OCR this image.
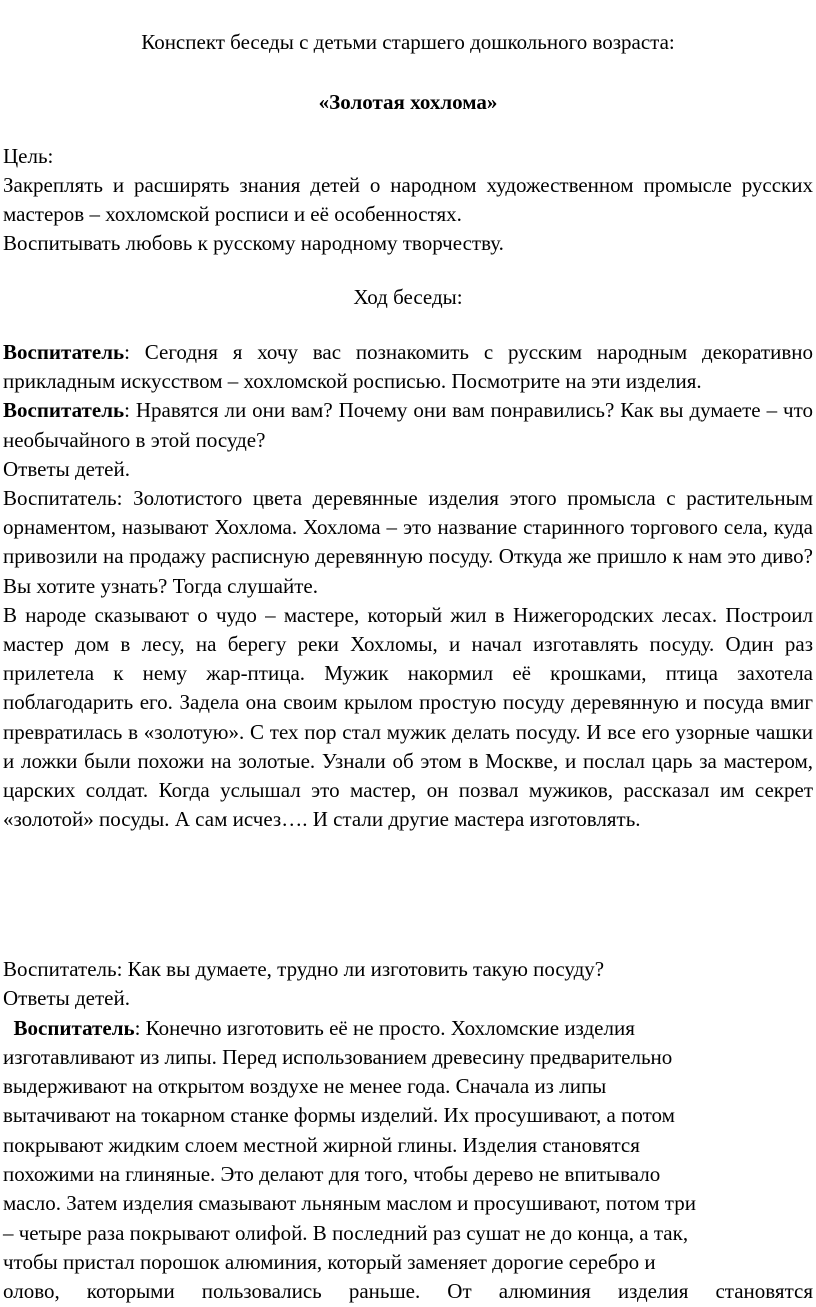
Конспект беседы с детьми старшего дошкольного возраста:
«Золотая хохлома»

Цель:

Закреплять и расширять знания детей о народном художественном промысле русских мастеров – хохломской росписи и её особенностях.

Воспитывать любовь к русскому народному творчеству.

Ход беседы:

Воспитатель: Сегодня я хочу вас познакомить с русским народным декоративно прикладным искусством – хохломской росписью. Посмотрите на эти изделия.

Воспитатель: Нравятся ли они вам? Почему они вам понравились? Как вы думаете – что необычайного в этой посуде?

Ответы детей.

Воспитатель: Золотистого цвета деревянные изделия этого промысла с растительным орнаментом, называют Хохлома. Хохлома – это название старинного торгового села, куда привозили на продажу расписную деревянную посуду. Откуда же пришло к нам это диво? Вы хотите узнать? Тогда слушайте.

В народе сказывают о чудо – мастере, который жил в Нижегородских лесах. Построил мастер дом в лесу, на берегу реки Хохломы, и начал изготавлять посуду. Один раз прилетела к нему жар-птица. Мужик накормил её крошками, птица захотела поблагодарить его. Задела она своим крылом простую посуду деревянную и посуда вмиг превратилась в «золотую». С тех пор стал мужик делать посуду. И все его узорные чашки и ложки были похожи на золотые. Узнали об этом в Москве, и послал царь за мастером, царских солдат. Когда услышал это мастер, он позвал мужиков, рассказал им секрет «золотой» посуды. А сам исчез…. И стали другие мастера изготовлять.

Воспитатель: Как вы думаете, трудно ли изготовить такую посуду?

Ответы детей.

Воспитатель: Конечно изготовить её не просто. Хохломские изделия

изготавливают из липы. Перед использованием древесину предварительно

выдерживают на открытом воздухе не менее года. Сначала из липы

вытачивают на токарном станке формы изделий. Их просушивают, а потом

покрывают жидким слоем местной жирной глины. Изделия становятся

похожими на глиняные. Это делают для того, чтобы дерево не впитывало

масло. Затем изделия смазывают льняным маслом и просушивают, потом три

– четыре раза покрывают олифой. В последний раз сушат не до конца, а так,

чтобы пристал порошок алюминия, который заменяет дорогие серебро и

олово, которыми пользовались раньше. От алюминия изделия становятся
